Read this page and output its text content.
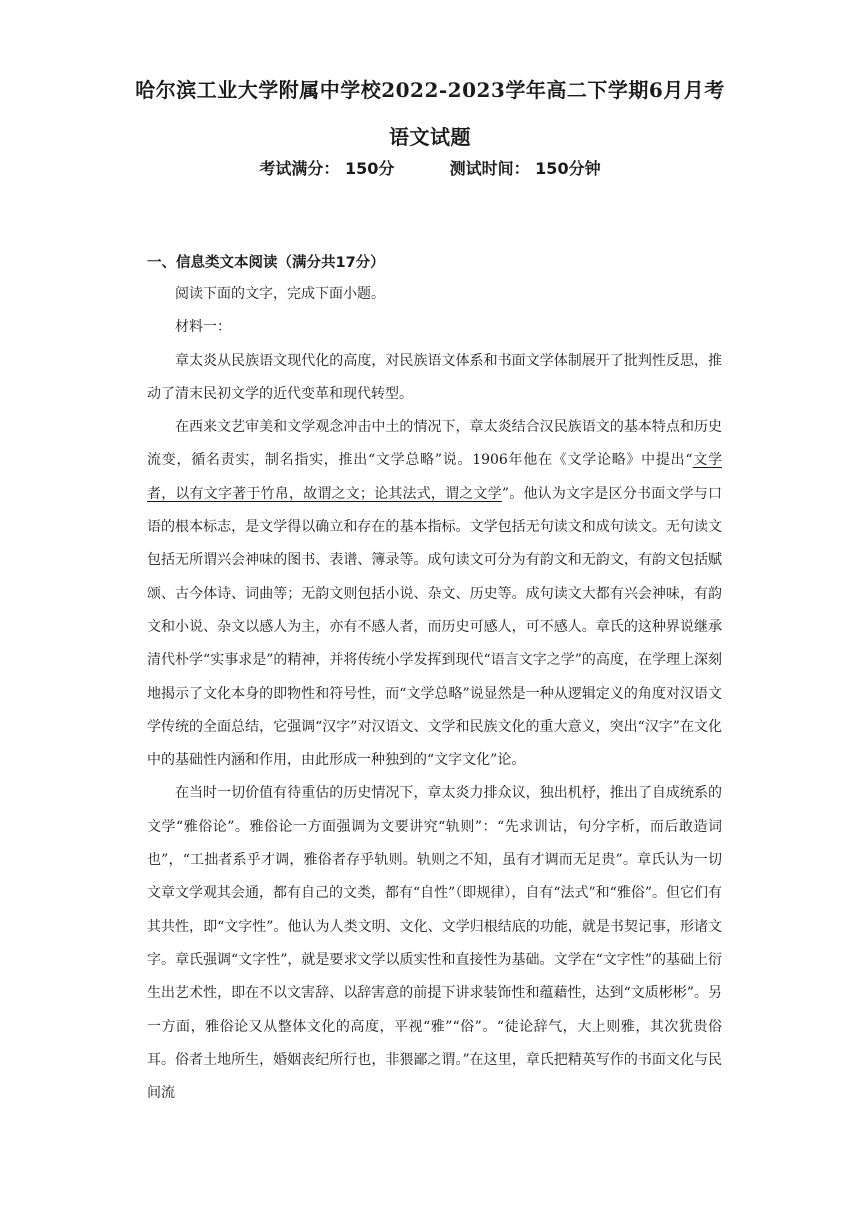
哈尔滨工业大学附属中学校2022-2023学年高二下学期6月月考
语文试题
考试满分： 150分	测试时间： 150分钟
一、信息类文本阅读（满分共17分）

阅读下面的文字，完成下面小题。

材料一：

章太炎从民族语文现代化的高度，对民族语文体系和书面文学体制展开了批判性反思，推动了清末民初文学的近代变革和现代转型。

在西来文艺审美和文学观念冲击中土的情况下，章太炎结合汉民族语文的基本特点和历史流变，循名责实，制名指实，推出“文学总略”说。1906年他在《文学论略》中提出“文学者，以有文字著于竹帛，故谓之文；论其法式，谓之文学”。他认为文字是区分书面文学与口语的根本标志，是文学得以确立和存在的基本指标。文学包括无句读文和成句读文。无句读文包括无所谓兴会神味的图书、表谱、簿录等。成句读文可分为有韵文和无韵文，有韵文包括赋颂、古今体诗、词曲等；无韵文则包括小说、杂文、历史等。成句读文大都有兴会神味，有韵文和小说、杂文以感人为主，亦有不感人者，而历史可感人，可不感人。章氏的这种界说继承清代朴学“实事求是”的精神，并将传统小学发挥到现代“语言文字之学”的高度，在学理上深刻地揭示了文化本身的即物性和符号性，而“文学总略”说显然是一种从逻辑定义的角度对汉语文学传统的全面总结，它强调“汉字”对汉语文、文学和民族文化的重大意义，突出“汉字”在文化中的基础性内涵和作用，由此形成一种独到的“文字文化”论。

在当时一切价值有待重估的历史情况下，章太炎力排众议，独出机杼，推出了自成统系的文学“雅俗论”。雅俗论一方面强调为文要讲究“轨则”：“先求训诂，句分字析，而后敢造词也”，“工拙者系乎才调，雅俗者存乎轨则。轨则之不知，虽有才调而无足贵”。章氏认为一切文章文学观其会通，都有自己的文类，都有“自性”（即规律），自有“法式”和“雅俗”。但它们有其共性，即“文字性”。他认为人类文明、文化、文学归根结底的功能，就是书契记事，形诸文字。章氏强调“文字性”，就是要求文学以质实性和直接性为基础。文学在“文字性”的基础上衍生出艺术性，即在不以文害辞、以辞害意的前提下讲求装饰性和蕴藉性，达到“文质彬彬”。另一方面，雅俗论又从整体文化的高度，平视“雅”“俗”。“徒论辞气，大上则雅，其次犹贵俗耳。俗者土地所生，婚姻丧纪所行也，非猥鄙之谓。”在这里，章氏把精英写作的书面文化与民间流
